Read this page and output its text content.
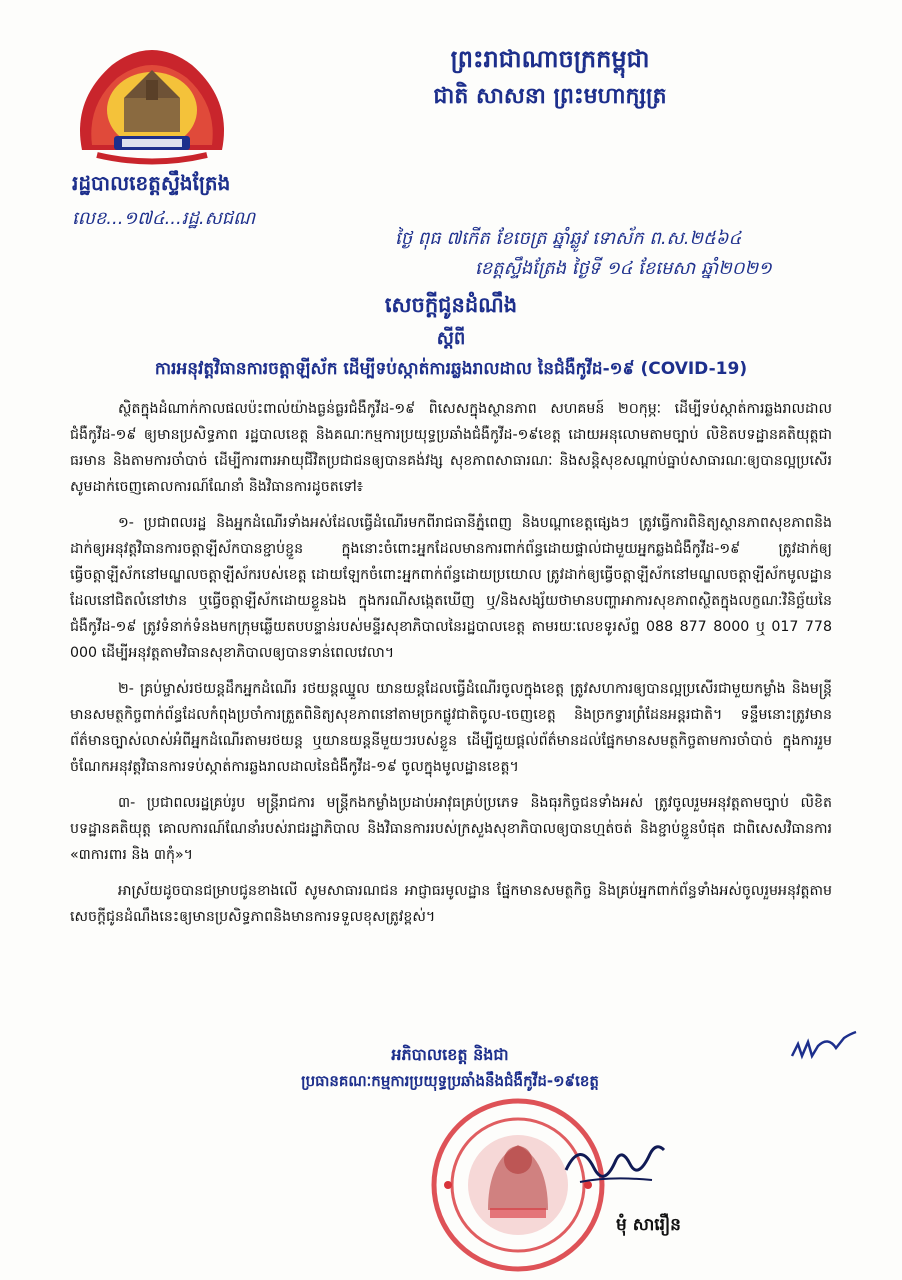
ព្រះរាជាណាចក្រកម្ពុជា
ជាតិ សាសនា ព្រះមហាក្សត្រ
រដ្ឋបាលខេត្តស្ទឹងត្រែង
លេខ.​..១៧៤...រដ្ឋ.សជណ
ថ្ងៃ ពុធ ៧កើត ខែចេត្រ ឆ្នាំឆ្លូវ ទោស័ក ព.ស.២៥៦៤
ខេត្តស្ទឹងត្រែង ថ្ងៃទី ១៤ ខែមេសា ឆ្នាំ២០២១
សេចក្ដីជូនដំណឹង
ស្ដីពី
ការអនុវត្តវិធានការចត្តាឡីស័ក ដើម្បីទប់ស្កាត់ការឆ្លងរាលដាល នៃជំងឺកូវីដ-១៩ (COVID-19)

ស្ថិតក្នុងដំណាក់កាលផលប៉ះពាល់យ៉ាងធ្ងន់ធ្ងរជំងឺកូវីដ-១៩ ពិសេសក្នុងស្ថានភាព សហគមន៍ ២០កុម្ភៈ ដើម្បីទប់ស្កាត់ការឆ្លងរាលដាលជំងឺកូវីដ-១៩ ឲ្យមានប្រសិទ្ធភាព រដ្ឋបាលខេត្ត និងគណៈកម្មការប្រយុទ្ធប្រឆាំងជំងឺកូវីដ-១៩ខេត្ត ដោយអនុលោមតាមច្បាប់ លិខិតបទដ្ឋានគតិយុត្តជាធរមាន និងតាមការចាំបាច់ ដើម្បីការពារអាយុជីវិតប្រជាជនឲ្យបានគង់វង្ស សុខភាពសាធារណៈ និងសន្តិសុខសណ្ដាប់ធ្នាប់សាធារណៈឲ្យបានល្អប្រសើរ សូមដាក់ចេញគោលការណ៍ណែនាំ និងវិធានការដូចតទៅ៖

១- ប្រជាពលរដ្ឋ និងអ្នកដំណើរទាំងអស់ដែលធ្វើដំណើរមកពីរាជធានីភ្នំពេញ និងបណ្ដាខេត្តផ្សេងៗ ត្រូវធ្វើការពិនិត្យស្ថានភាពសុខភាពនិងដាក់ឲ្យអនុវត្តវិធានការចត្តាឡីស័កបានខ្ជាប់ខ្ជួន ក្នុងនោះចំពោះអ្នកដែលមានការពាក់ព័ន្ធដោយផ្ទាល់ជាមួយអ្នកឆ្លងជំងឺកូវីដ-១៩ ត្រូវដាក់ឲ្យធ្វើចត្តាឡីស័កនៅមណ្ឌលចត្តាឡីស័ករបស់ខេត្ត ដោយឡែកចំពោះអ្នកពាក់ព័ន្ធដោយប្រយោល ត្រូវដាក់ឲ្យធ្វើចត្តាឡីស័កនៅមណ្ឌលចត្តាឡីស័កមូលដ្ឋានដែលនៅជិតលំនៅឋាន ឬធ្វើចត្តាឡីស័កដោយខ្លួនឯង ក្នុងករណីសង្កេតឃើញ ឬ/និងសង្ស័យថាមានបញ្ហាអាការសុខភាពស្ថិតក្នុងលក្ខណៈវិនិច្ឆ័យនៃជំងឺកូវីដ-១៩ ត្រូវទំនាក់ទំនងមកក្រុមឆ្លើយតបបន្ទាន់របស់មន្ទីរសុខាភិបាលនៃរដ្ឋបាលខេត្ត តាមរយៈលេខទូរស័ព្ទ 088 877 8000 ឬ 017 778 000 ដើម្បីអនុវត្តតាមវិធានសុខាភិបាលឲ្យបានទាន់ពេលវេលា។

២- គ្រប់ម្ចាស់រថយន្តដឹកអ្នកដំណើរ រថយន្តឈ្នួល យានយន្តដែលធ្វើដំណើរចូលក្នុងខេត្ត ត្រូវសហការឲ្យបានល្អប្រសើរជាមួយកម្លាំង និងមន្ត្រីមានសមត្ថកិច្ចពាក់ព័ន្ធដែលកំពុងប្រចាំការត្រួតពិនិត្យសុខភាពនៅតាមច្រកផ្លូវជាតិចូល-ចេញខេត្ត និងច្រកទ្វារព្រំដែនអន្តរជាតិ។ ទន្ទឹមនោះត្រូវមានព័ត៌មានច្បាស់លាស់អំពីអ្នកដំណើរតាមរថយន្ត ឬយានយន្តនីមួយៗរបស់ខ្លួន ដើម្បីជួយផ្ដល់ព័ត៌មានដល់ផ្នែកមានសមត្ថកិច្ចតាមការចាំបាច់ ក្នុងការរួមចំណែកអនុវត្តវិធានការទប់ស្កាត់ការឆ្លងរាលដាលនៃជំងឺកូវីដ-១៩ ចូលក្នុងមូលដ្ឋានខេត្ត។

៣- ប្រជាពលរដ្ឋគ្រប់រូប មន្ត្រីរាជការ មន្ត្រីកងកម្លាំងប្រដាប់អាវុធគ្រប់ប្រភេទ និងធុរកិច្ចជនទាំងអស់ ត្រូវចូលរួមអនុវត្តតាមច្បាប់ លិខិតបទដ្ឋានគតិយុត្ត គោលការណ៍ណែនាំរបស់រាជរដ្ឋាភិបាល និងវិធានការរបស់ក្រសួងសុខាភិបាលឲ្យបានហ្មត់ចត់ និងខ្ជាប់ខ្ជួនបំផុត ជាពិសេសវិធានការ «៣ការពារ និង ៣កុំ»។

អាស្រ័យដូចបានជម្រាបជូនខាងលើ សូមសាធារណជន អាជ្ញាធរមូលដ្ឋាន ផ្នែកមានសមត្ថកិច្ច និងគ្រប់អ្នកពាក់ព័ន្ធទាំងអស់ចូលរួមអនុវត្តតាមសេចក្ដីជូនដំណឹងនេះឲ្យមានប្រសិទ្ធភាពនិងមានការទទួលខុសត្រូវខ្ពស់។

អភិបាលខេត្ត និងជា
ប្រធានគណៈកម្មការប្រយុទ្ធប្រឆាំងនឹងជំងឺកូវីដ-១៩ខេត្ត
មុំ សារឿន
